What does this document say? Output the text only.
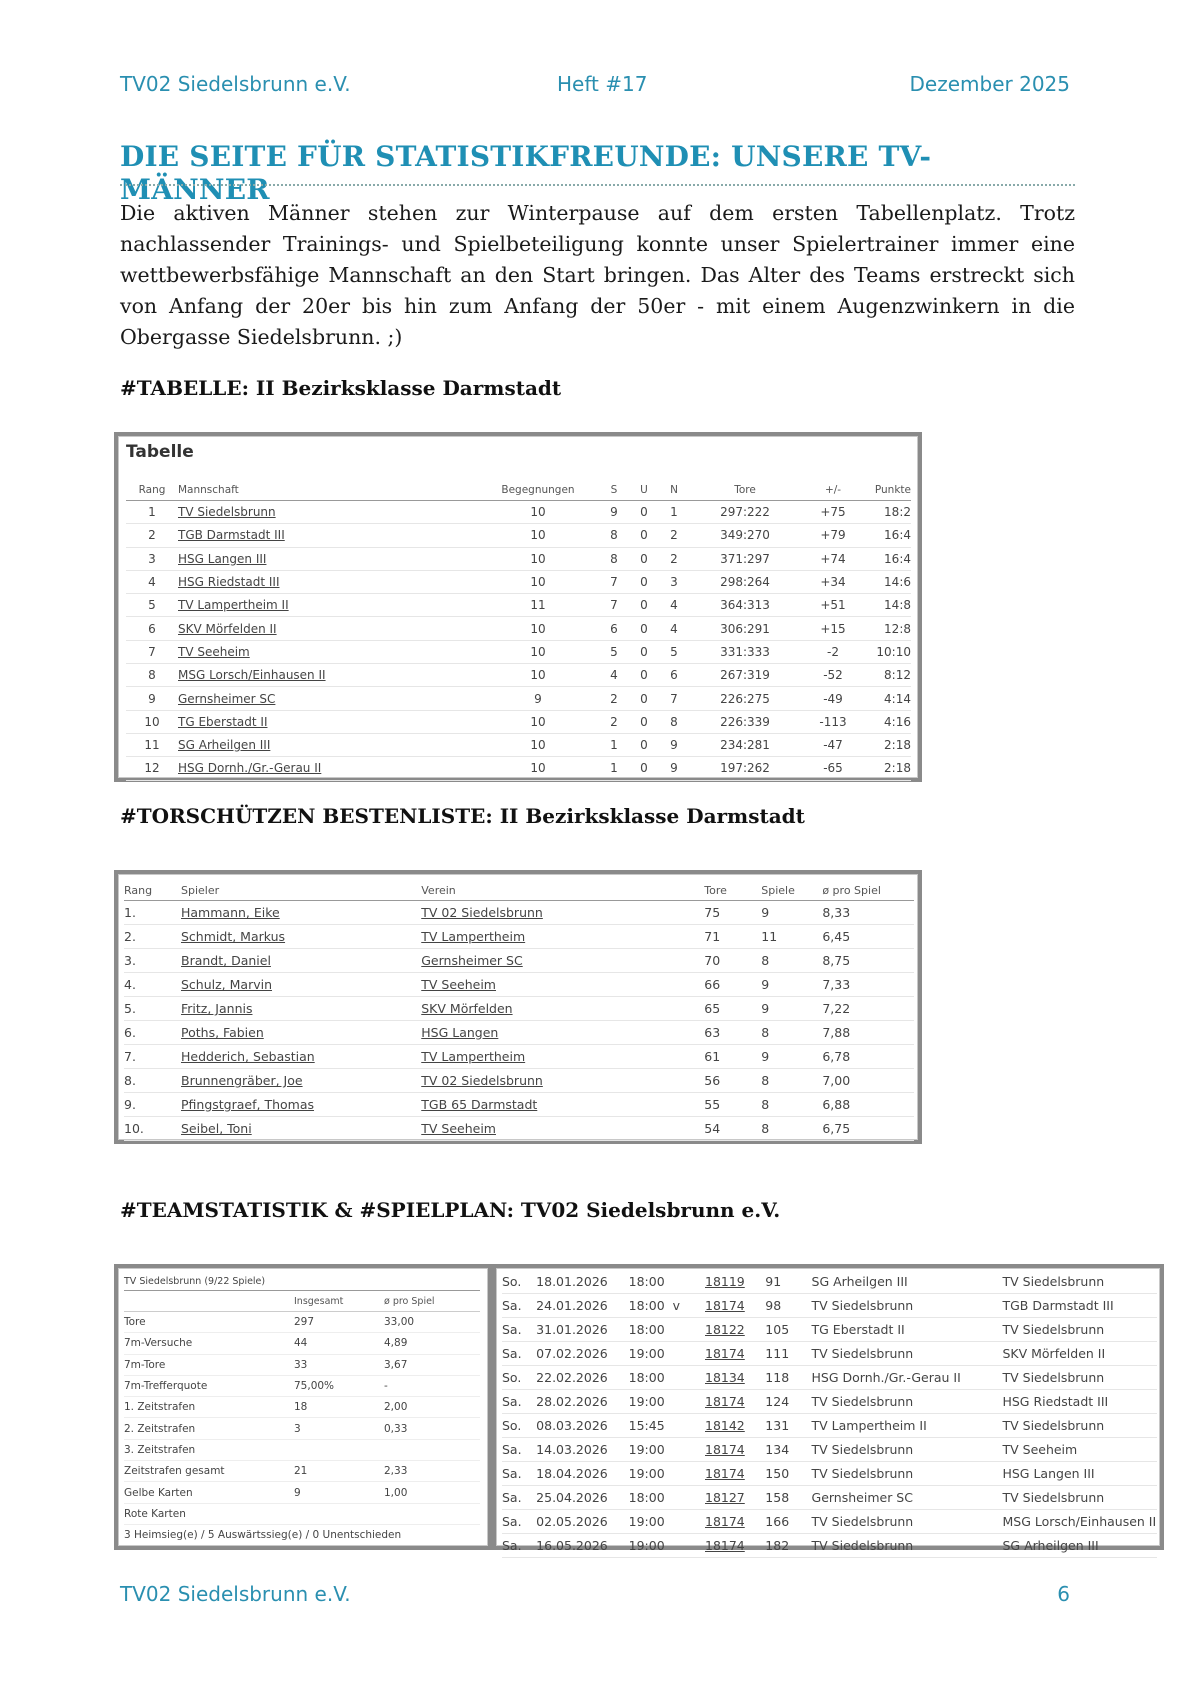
TV02 Siedelsbrunn e.V.	Heft #17	Dezember 2025
DIE SEITE FÜR STATISTIKFREUNDE: UNSERE TV-MÄNNER
Die aktiven Männer stehen zur Winterpause auf dem ersten Tabellenplatz. Trotz nachlassender Trainings- und Spielbeteiligung konnte unser Spielertrainer immer eine wettbewerbsfähige Mannschaft an den Start bringen. Das Alter des Teams erstreckt sich von Anfang der 20er bis hin zum Anfang der 50er - mit einem Augenzwinkern in die Obergasse Siedelsbrunn. ;)
#TABELLE: II Bezirksklasse Darmstadt
Tabelle
Rang	Mannschaft	Begegnungen	S	U	N	Tore	+/-	Punkte
1	TV Siedelsbrunn	10	9	0	1	297:222	+75	18:2
2	TGB Darmstadt III	10	8	0	2	349:270	+79	16:4
3	HSG Langen III	10	8	0	2	371:297	+74	16:4
4	HSG Riedstadt III	10	7	0	3	298:264	+34	14:6
5	TV Lampertheim II	11	7	0	4	364:313	+51	14:8
6	SKV Mörfelden II	10	6	0	4	306:291	+15	12:8
7	TV Seeheim	10	5	0	5	331:333	-2	10:10
8	MSG Lorsch/Einhausen II	10	4	0	6	267:319	-52	8:12
9	Gernsheimer SC	9	2	0	7	226:275	-49	4:14
10	TG Eberstadt II	10	2	0	8	226:339	-113	4:16
11	SG Arheilgen III	10	1	0	9	234:281	-47	2:18
12	HSG Dornh./Gr.-Gerau II	10	1	0	9	197:262	-65	2:18
#TORSCHÜTZEN BESTENLISTE: II Bezirksklasse Darmstadt
Rang	Spieler	Verein	Tore	Spiele	ø pro Spiel
1.	Hammann, Eike	TV 02 Siedelsbrunn	75	9	8,33
2.	Schmidt, Markus	TV Lampertheim	71	11	6,45
3.	Brandt, Daniel	Gernsheimer SC	70	8	8,75
4.	Schulz, Marvin	TV Seeheim	66	9	7,33
5.	Fritz, Jannis	SKV Mörfelden	65	9	7,22
6.	Poths, Fabien	HSG Langen	63	8	7,88
7.	Hedderich, Sebastian	TV Lampertheim	61	9	6,78
8.	Brunnengräber, Joe	TV 02 Siedelsbrunn	56	8	7,00
9.	Pfingstgraef, Thomas	TGB 65 Darmstadt	55	8	6,88
10.	Seibel, Toni	TV Seeheim	54	8	6,75
#TEAMSTATISTIK & #SPIELPLAN: TV02 Siedelsbrunn e.V.
TV Siedelsbrunn (9/22 Spiele)		
	Insgesamt	ø pro Spiel
Tore	297	33,00
7m-Versuche	44	4,89
7m-Tore	33	3,67
7m-Trefferquote	75,00%	-
1. Zeitstrafen	18	2,00
2. Zeitstrafen	3	0,33
3. Zeitstrafen		
Zeitstrafen gesamt	21	2,33
Gelbe Karten	9	1,00
Rote Karten		
3 Heimsieg(e) / 5 Auswärtssieg(e) / 0 Unentschieden		
So.	18.01.2026	18:00	18119	91	SG Arheilgen III	TV Siedelsbrunn
Sa.	24.01.2026	18:00  v	18174	98	TV Siedelsbrunn	TGB Darmstadt III
Sa.	31.01.2026	18:00	18122	105	TG Eberstadt II	TV Siedelsbrunn
Sa.	07.02.2026	19:00	18174	111	TV Siedelsbrunn	SKV Mörfelden II
So.	22.02.2026	18:00	18134	118	HSG Dornh./Gr.-Gerau II	TV Siedelsbrunn
Sa.	28.02.2026	19:00	18174	124	TV Siedelsbrunn	HSG Riedstadt III
So.	08.03.2026	15:45	18142	131	TV Lampertheim II	TV Siedelsbrunn
Sa.	14.03.2026	19:00	18174	134	TV Siedelsbrunn	TV Seeheim
Sa.	18.04.2026	19:00	18174	150	TV Siedelsbrunn	HSG Langen III
Sa.	25.04.2026	18:00	18127	158	Gernsheimer SC	TV Siedelsbrunn
Sa.	02.05.2026	19:00	18174	166	TV Siedelsbrunn	MSG Lorsch/Einhausen II
Sa.	16.05.2026	19:00	18174	182	TV Siedelsbrunn	SG Arheilgen III
TV02 Siedelsbrunn e.V.	6
